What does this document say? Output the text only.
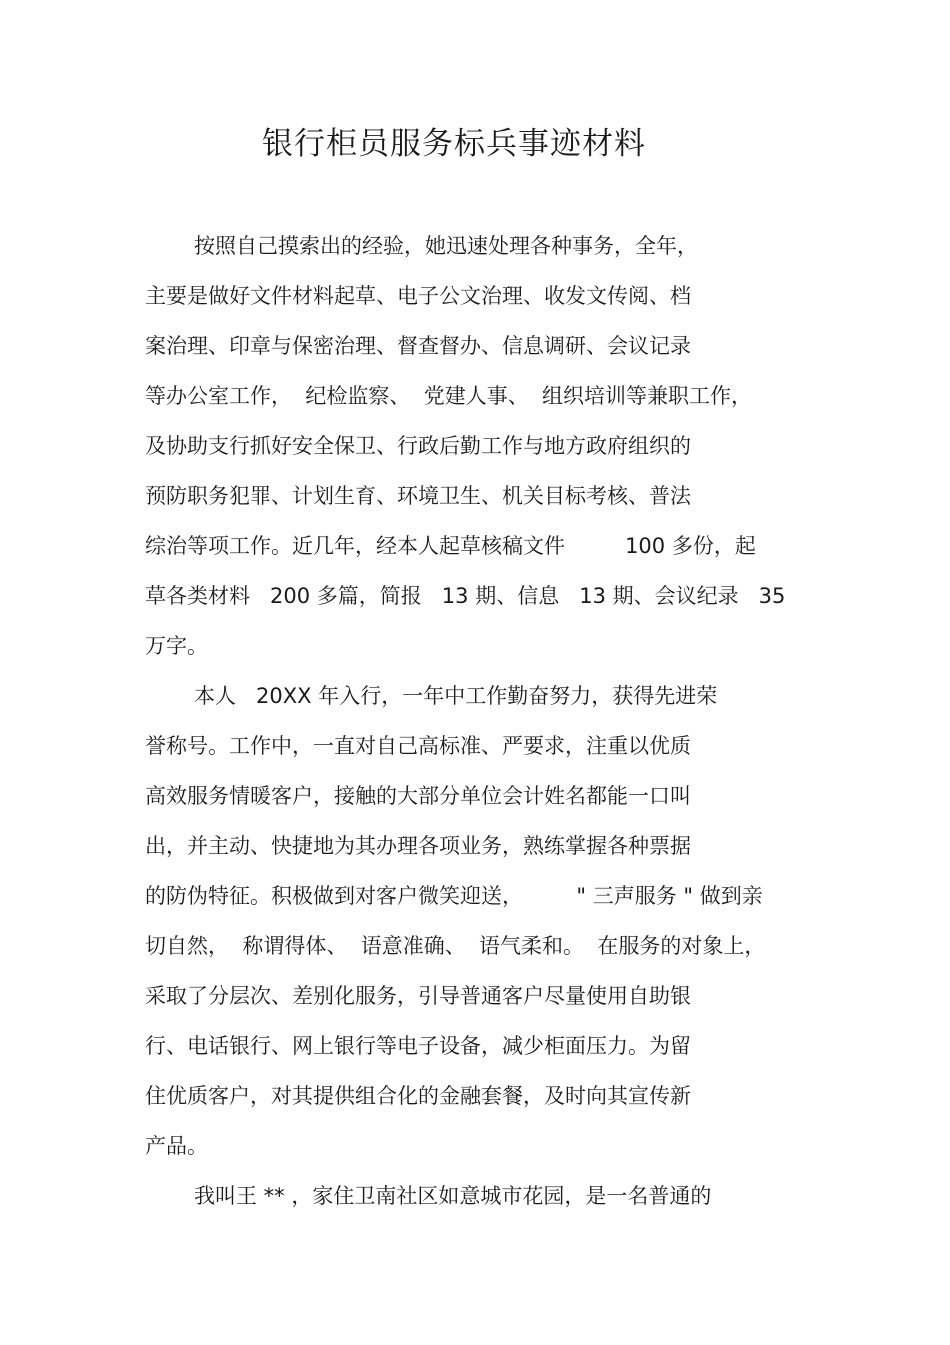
银行柜员服务标兵事迹材料
按照自己摸索出的经验，她迅速处理各种事务，全年，
主要是做好文件材料起草、电子公文治理、收发文传阅、档
案治理、印章与保密治理、督查督办、信息调研、会议记录
等办公室工作，  纪检监察、  党建人事、  组织培训等兼职工作，
及协助支行抓好安全保卫、行政后勤工作与地方政府组织的
预防职务犯罪、计划生育、环境卫生、机关目标考核、普法
综治等项工作。近几年，经本人起草核稿文件         100 多份，起
草各类材料   200 多篇，简报   13 期、信息   13 期、会议纪录   35
万字。
本人   20XX 年入行，一年中工作勤奋努力，获得先进荣
誉称号。工作中，一直对自己高标准、严要求，注重以优质
高效服务情暖客户，接触的大部分单位会计姓名都能一口叫
出，并主动、快捷地为其办理各项业务，熟练掌握各种票据
的防伪特征。积极做到对客户微笑迎送，        " 三声服务 " 做到亲
切自然，  称谓得体、  语意准确、  语气柔和。  在服务的对象上，
采取了分层次、差别化服务，引导普通客户尽量使用自助银
行、电话银行、网上银行等电子设备，减少柜面压力。为留
住优质客户，对其提供组合化的金融套餐，及时向其宣传新
产品。
我叫王 ** ，家住卫南社区如意城市花园，是一名普通的
